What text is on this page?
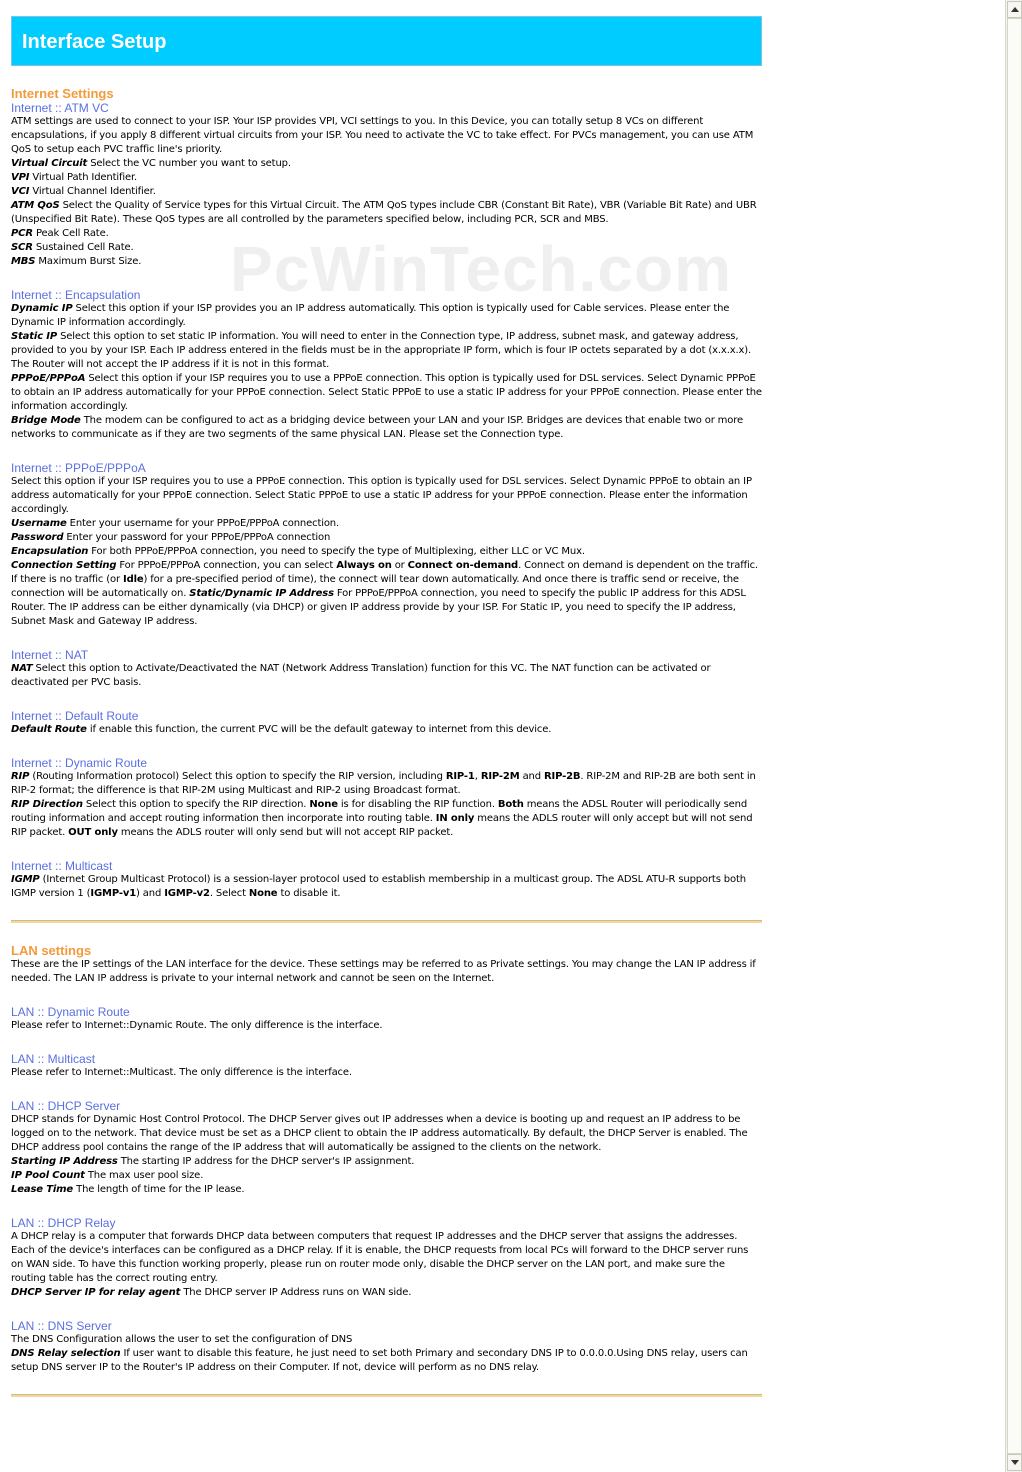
Interface Setup
Internet Settings
Internet :: ATM VC
ATM settings are used to connect to your ISP. Your ISP provides VPI, VCI settings to you. In this Device, you can totally setup 8 VCs on different encapsulations, if you apply 8 different virtual circuits from your ISP. You need to activate the VC to take effect. For PVCs management, you can use ATM QoS to setup each PVC traffic line's priority.
Virtual Circuit Select the VC number you want to setup.
VPI Virtual Path Identifier.
VCI Virtual Channel Identifier.
ATM QoS Select the Quality of Service types for this Virtual Circuit. The ATM QoS types include CBR (Constant Bit Rate), VBR (Variable Bit Rate) and UBR (Unspecified Bit Rate). These QoS types are all controlled by the parameters specified below, including PCR, SCR and MBS.
PCR Peak Cell Rate.
SCR Sustained Cell Rate.
MBS Maximum Burst Size.
Internet :: Encapsulation
Dynamic IP Select this option if your ISP provides you an IP address automatically. This option is typically used for Cable services. Please enter the Dynamic IP information accordingly.
Static IP Select this option to set static IP information. You will need to enter in the Connection type, IP address, subnet mask, and gateway address, provided to you by your ISP. Each IP address entered in the fields must be in the appropriate IP form, which is four IP octets separated by a dot (x.x.x.x). The Router will not accept the IP address if it is not in this format.
PPPoE/PPPoA Select this option if your ISP requires you to use a PPPoE connection. This option is typically used for DSL services. Select Dynamic PPPoE to obtain an IP address automatically for your PPPoE connection. Select Static PPPoE to use a static IP address for your PPPoE connection. Please enter the information accordingly.
Bridge Mode The modem can be configured to act as a bridging device between your LAN and your ISP. Bridges are devices that enable two or more networks to communicate as if they are two segments of the same physical LAN. Please set the Connection type.
Internet :: PPPoE/PPPoA
Select this option if your ISP requires you to use a PPPoE connection. This option is typically used for DSL services. Select Dynamic PPPoE to obtain an IP address automatically for your PPPoE connection. Select Static PPPoE to use a static IP address for your PPPoE connection. Please enter the information accordingly.
Username Enter your username for your PPPoE/PPPoA connection.
Password Enter your password for your PPPoE/PPPoA connection
Encapsulation For both PPPoE/PPPoA connection, you need to specify the type of Multiplexing, either LLC or VC Mux.
Connection Setting For PPPoE/PPPoA connection, you can select Always on or Connect on-demand. Connect on demand is dependent on the traffic. If there is no traffic (or Idle) for a pre-specified period of time), the connect will tear down automatically. And once there is traffic send or receive, the connection will be automatically on. Static/Dynamic IP Address For PPPoE/PPPoA connection, you need to specify the public IP address for this ADSL Router. The IP address can be either dynamically (via DHCP) or given IP address provide by your ISP. For Static IP, you need to specify the IP address, Subnet Mask and Gateway IP address.
Internet :: NAT
NAT Select this option to Activate/Deactivated the NAT (Network Address Translation) function for this VC. The NAT function can be activated or deactivated per PVC basis.
Internet :: Default Route
Default Route if enable this function, the current PVC will be the default gateway to internet from this device.
Internet :: Dynamic Route
RIP (Routing Information protocol) Select this option to specify the RIP version, including RIP-1, RIP-2M and RIP-2B. RIP-2M and RIP-2B are both sent in RIP-2 format; the difference is that RIP-2M using Multicast and RIP-2 using Broadcast format.
RIP Direction Select this option to specify the RIP direction. None is for disabling the RIP function. Both means the ADSL Router will periodically send routing information and accept routing information then incorporate into routing table. IN only means the ADLS router will only accept but will not send RIP packet. OUT only means the ADLS router will only send but will not accept RIP packet.
Internet :: Multicast
IGMP (Internet Group Multicast Protocol) is a session-layer protocol used to establish membership in a multicast group. The ADSL ATU-R supports both IGMP version 1 (IGMP-v1) and IGMP-v2. Select None to disable it.
LAN settings
These are the IP settings of the LAN interface for the device. These settings may be referred to as Private settings. You may change the LAN IP address if needed. The LAN IP address is private to your internal network and cannot be seen on the Internet.
LAN :: Dynamic Route
Please refer to Internet::Dynamic Route. The only difference is the interface.
LAN :: Multicast
Please refer to Internet::Multicast. The only difference is the interface.
LAN :: DHCP Server
DHCP stands for Dynamic Host Control Protocol. The DHCP Server gives out IP addresses when a device is booting up and request an IP address to be logged on to the network. That device must be set as a DHCP client to obtain the IP address automatically. By default, the DHCP Server is enabled. The DHCP address pool contains the range of the IP address that will automatically be assigned to the clients on the network.
Starting IP Address The starting IP address for the DHCP server's IP assignment.
IP Pool Count The max user pool size.
Lease Time The length of time for the IP lease.
LAN :: DHCP Relay
A DHCP relay is a computer that forwards DHCP data between computers that request IP addresses and the DHCP server that assigns the addresses. Each of the device's interfaces can be configured as a DHCP relay. If it is enable, the DHCP requests from local PCs will forward to the DHCP server runs on WAN side. To have this function working properly, please run on router mode only, disable the DHCP server on the LAN port, and make sure the routing table has the correct routing entry.
DHCP Server IP for relay agent The DHCP server IP Address runs on WAN side.
LAN :: DNS Server
The DNS Configuration allows the user to set the configuration of DNS
DNS Relay selection If user want to disable this feature, he just need to set both Primary and secondary DNS IP to 0.0.0.0.Using DNS relay, users can setup DNS server IP to the Router's IP address on their Computer. If not, device will perform as no DNS relay.
PcWinTech.com
